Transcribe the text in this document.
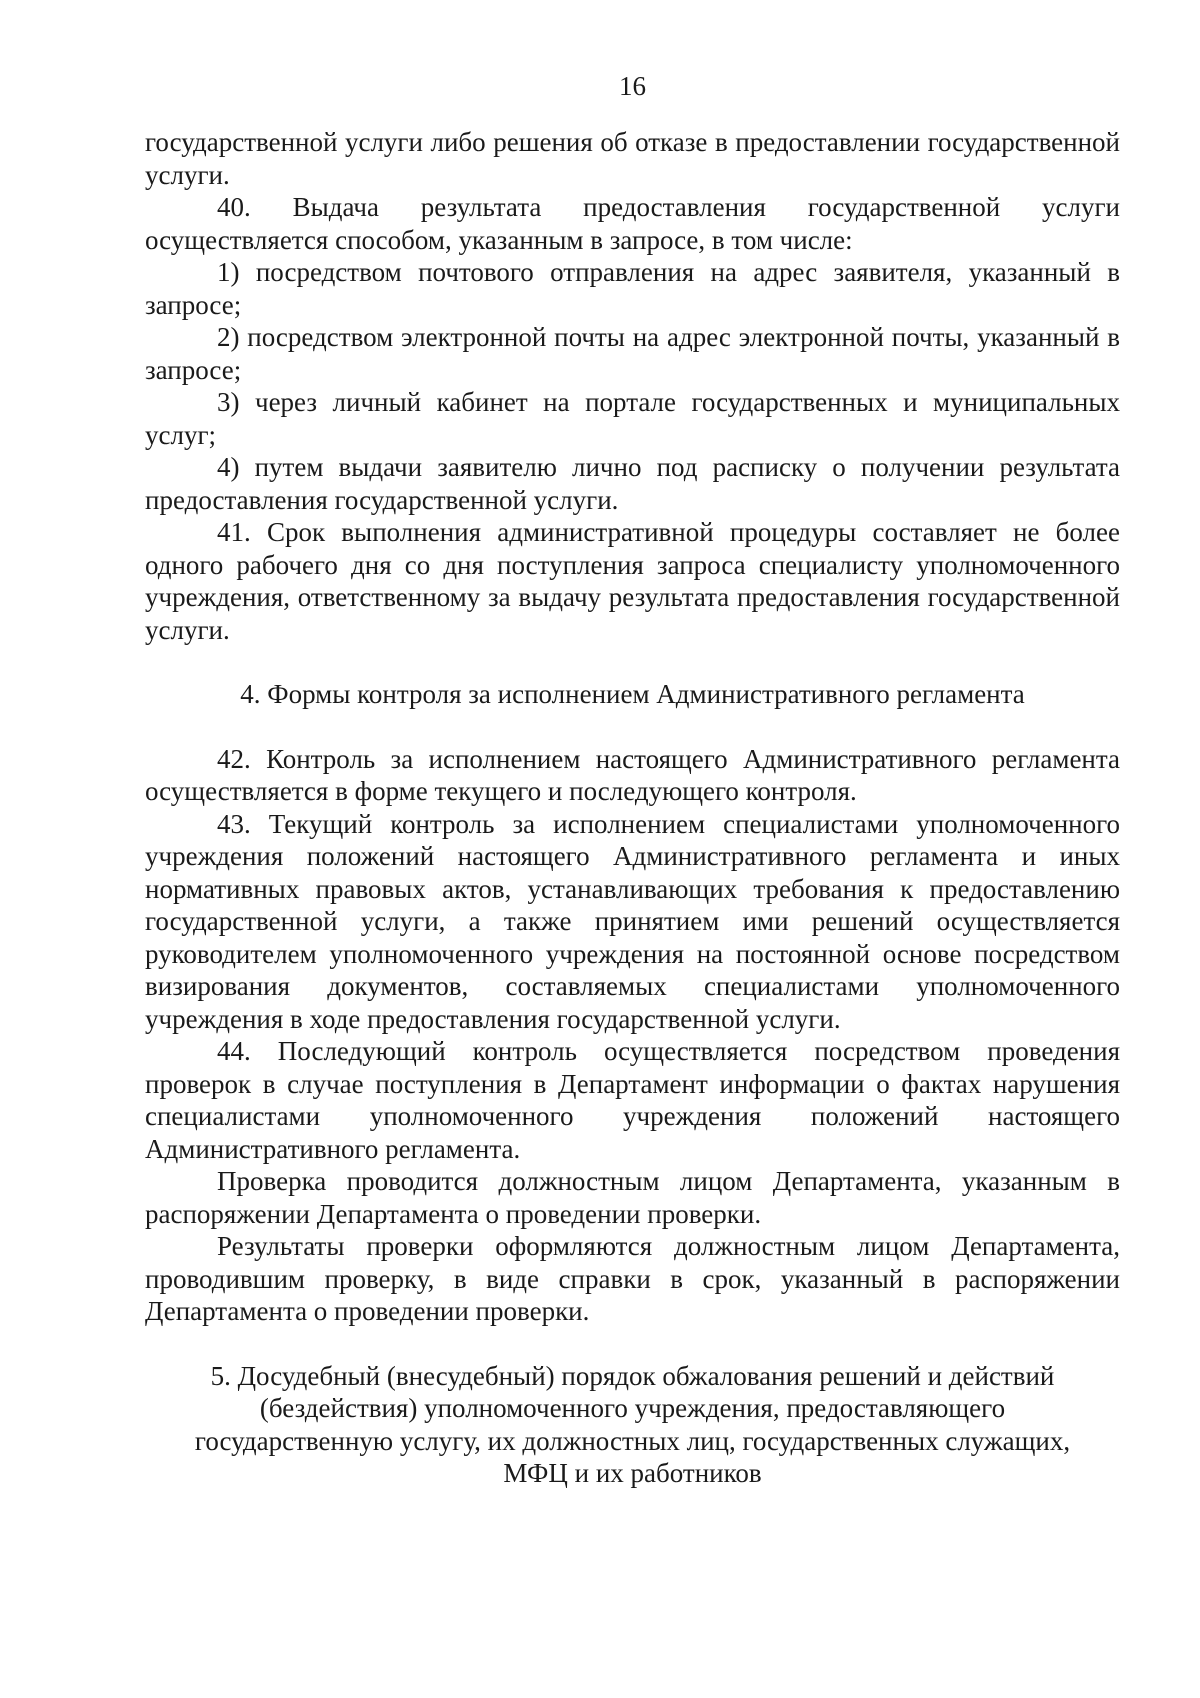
16

государственной услуги либо решения об отказе в предоставлении государственной услуги.

40. Выдача результата предоставления государственной услуги осуществляется способом, указанным в запросе, в том числе:

1) посредством почтового отправления на адрес заявителя, указанный в запросе;

2) посредством электронной почты на адрес электронной почты, указанный в запросе;

3) через личный кабинет на портале государственных и муниципальных услуг;

4) путем выдачи заявителю лично под расписку о получении результата предоставления государственной услуги.

41. Срок выполнения административной процедуры составляет не более одного рабочего дня со дня поступления запроса специалисту уполномоченного учреждения, ответственному за выдачу результата предоставления государственной услуги.

4. Формы контроля за исполнением Административного регламента

42. Контроль за исполнением настоящего Административного регламента осуществляется в форме текущего и последующего контроля.

43. Текущий контроль за исполнением специалистами уполномоченного учреждения положений настоящего Административного регламента и иных нормативных правовых актов, устанавливающих требования к предоставлению государственной услуги, а также принятием ими решений осуществляется руководителем уполномоченного учреждения на постоянной основе посредством визирования документов, составляемых специалистами уполномоченного учреждения в ходе предоставления государственной услуги.

44. Последующий контроль осуществляется посредством проведения проверок в случае поступления в Департамент информации о фактах нарушения специалистами уполномоченного учреждения положений настоящего Административного регламента.

Проверка проводится должностным лицом Департамента, указанным в распоряжении Департамента о проведении проверки.

Результаты проверки оформляются должностным лицом Департамента, проводившим проверку, в виде справки в срок, указанный в распоряжении Департамента о проведении проверки.

5. Досудебный (внесудебный) порядок обжалования решений и действий
(бездействия) уполномоченного учреждения, предоставляющего
государственную услугу, их должностных лиц, государственных служащих,
МФЦ и их работников
